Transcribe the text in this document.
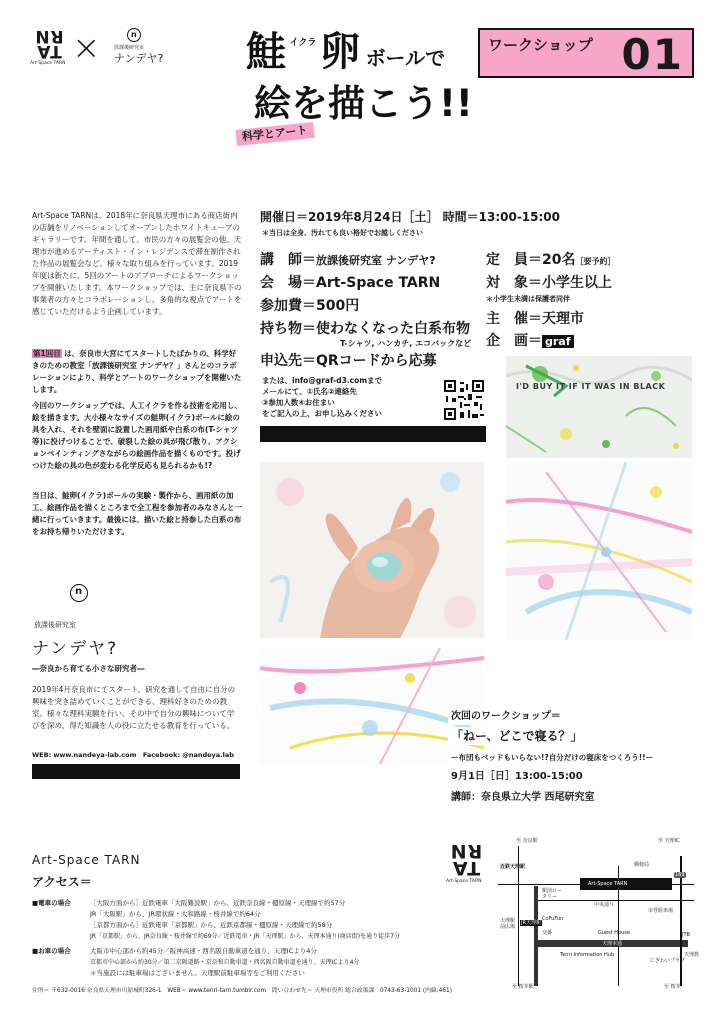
TARN
Art-Space TARN ×	n
放課後研究室
ナンデヤ? 鮭 $^{イクラ}$ 卵 ボールで
絵を描こう!!
科学とアート
ワークショップ 01
Art-Space TARNは、2018年に奈良県天理市にある商店街内の店舗をリノベーションしてオープンしたホワイトキューブのギャラリーです。年間を通して、市民の方々の展覧会の他、天理市が進めるアーティスト・イン・レジデンスで滞在制作された作品の展覧会など、様々な取り組みを行っています。2019年度は新たに、5回のアートのアプローチによるワークショップを開催いたします。本ワークショップでは、主に奈良県下の事業者の方々とコラボレーションし、多角的な視点でアートを感じていただけるよう企画しています。
第1回目 は、奈良市大宮にてスタートしたばかりの、科学好きのための教室「放課後研究室 ナンデヤ？」さんとのコラボレーションにより、科学とアートのワークショップを開催いたします。
今回のワークショップでは、人工イクラを作る技術を応用し、絵を描きます。大小様々なサイズの鮭卵(イクラ)ボールに絵の具を入れ、それを壁面に設置した画用紙や白系の布(T-シャツ等)に投げつけることで、破裂した絵の具が飛び散り、アクションペインティングさながらの絵画作品を描くものです。投げつけた絵の具の色が変わる化学反応も見られるかも!?
当日は、鮭卵(イクラ)ボールの実験・製作から、画用紙の加工、絵画作品を描くところまで全工程を参加者のみなさんと一緒に行っていきます。最後には、描いた絵と持参した白系の布をお持ち帰りいただけます。
n
放課後研究室
ナンデヤ?
―奈良から育てる小さな研究者―
2019年4月奈良市にてスタート。研究を通して自由に自分の興味を突き詰めていくことができる、理科好きのための教室。様々な理科実験を行い、その中で自分の興味について学びを深め、得た知識を人の役に立たせる教育を行っている。
WEB: www.nandeya-lab.com　Facebook: @nandeya.lab
開催日＝2019年8月24日［土］ 時間＝13:00-15:00
＊当日は全身、汚れても良い格好でお越しください
講　師＝放課後研究室 ナンデヤ?
会　場＝Art-Space TARN
参加費＝500円
持ち物＝使わなくなった白系布物
T-シャツ, ハンカチ, エコバックなど
定　員＝20名［要予約］
対　象＝小学生以上
＊小学生未満は保護者同伴
主　催＝天理市
企　画＝ graf
申込先＝QRコードから応募
または、info@graf-d3.comまで
メールにて、①氏名②連絡先
③参加人数④お住まい
をご記入の上、お申し込みください
I'D BUY IT IF IT WAS IN BLACK
次回のワークショップ＝
「ねー、どこで寝る？」
ー布団もベッドもいらない!?自分だけの寝床をつくろう!!ー
9月1日［日］13:00-15:00
講師：奈良県立大学 西尾研究室
Art-Space TARN
アクセス＝
■電車の場合	［大阪方面から］近鉄電車「大阪難波駅」から、近鉄奈良線・橿原線・天理線で約57分
JR「大阪駅」から、JR環状線・大和路線・桜井線で約64分
［京都方面から］近鉄電車「京都駅」から、近鉄京都線・橿原線・天理線で約58分
JR「京都駅」から、JR奈良線・桜井線で約69分／近鉄電車・JR「天理駅」から、天理本通り(商店街)を通り徒歩7分
■お車の場合	大阪市中心部から約45分／阪神高速・西名阪自動車道を通り、天理ICより4分
京都市中心部から約30分／第二京阪道路・京奈和自動車道・西名阪自動車道を通り、天理ICより4分
＊当施設には駐車場はございません。天理駅前駐車場等をご利用ください
住所＝ 〒632-0016 奈良県天理市川原城町326-1　WEB＝ www.tenri-tarn.tumblr.com　問い合わせ先＝ 天理市役所 総合政策課　0743-63-1001 (内線:461)
TARN
Art-Space TARN
至 奈良駅	至 天理IC
近鉄天理駅	郵便局
169
Art-Space TARN
駅前ロータリー
中央通り
天理駅前広場
JR天理駅
CoFuFun
交番
市営駐車場
Guest House
天理本通
JTB
Tenri Information Hub
にぎわいプラザ
天理教
至 桜井駅	至 桜井
